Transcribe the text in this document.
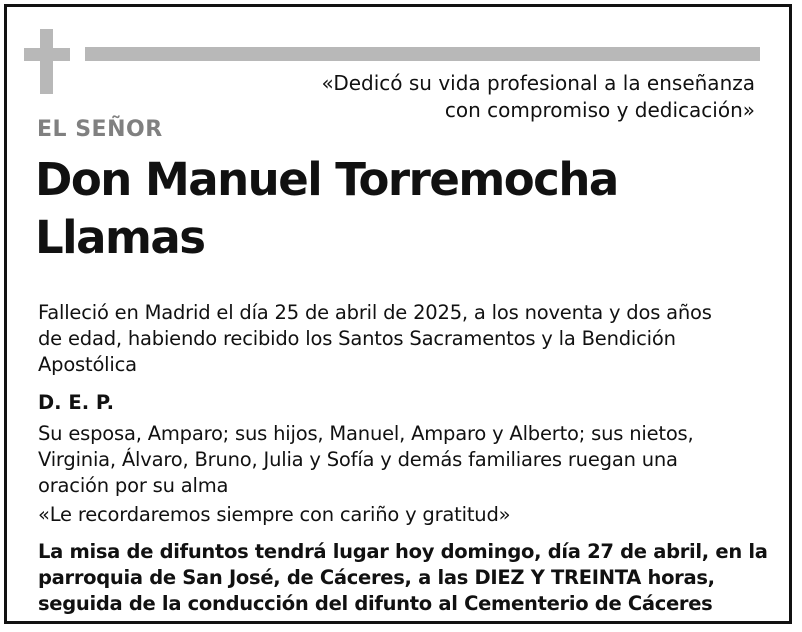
«Dedicó su vida profesional a la enseñanza
con compromiso y dedicación»
EL SEÑOR
Don Manuel Torremocha
Llamas
Falleció en Madrid el día 25 de abril de 2025, a los noventa y dos años
de edad, habiendo recibido los Santos Sacramentos y la Bendición
Apostólica
D. E. P.
Su esposa, Amparo; sus hijos, Manuel, Amparo y Alberto; sus nietos,
Virginia, Álvaro, Bruno, Julia y Sofía y demás familiares ruegan una
oración por su alma
«Le recordaremos siempre con cariño y gratitud»
La misa de difuntos tendrá lugar hoy domingo, día 27 de abril, en la
parroquia de San José, de Cáceres, a las DIEZ Y TREINTA horas,
seguida de la conducción del difunto al Cementerio de Cáceres
